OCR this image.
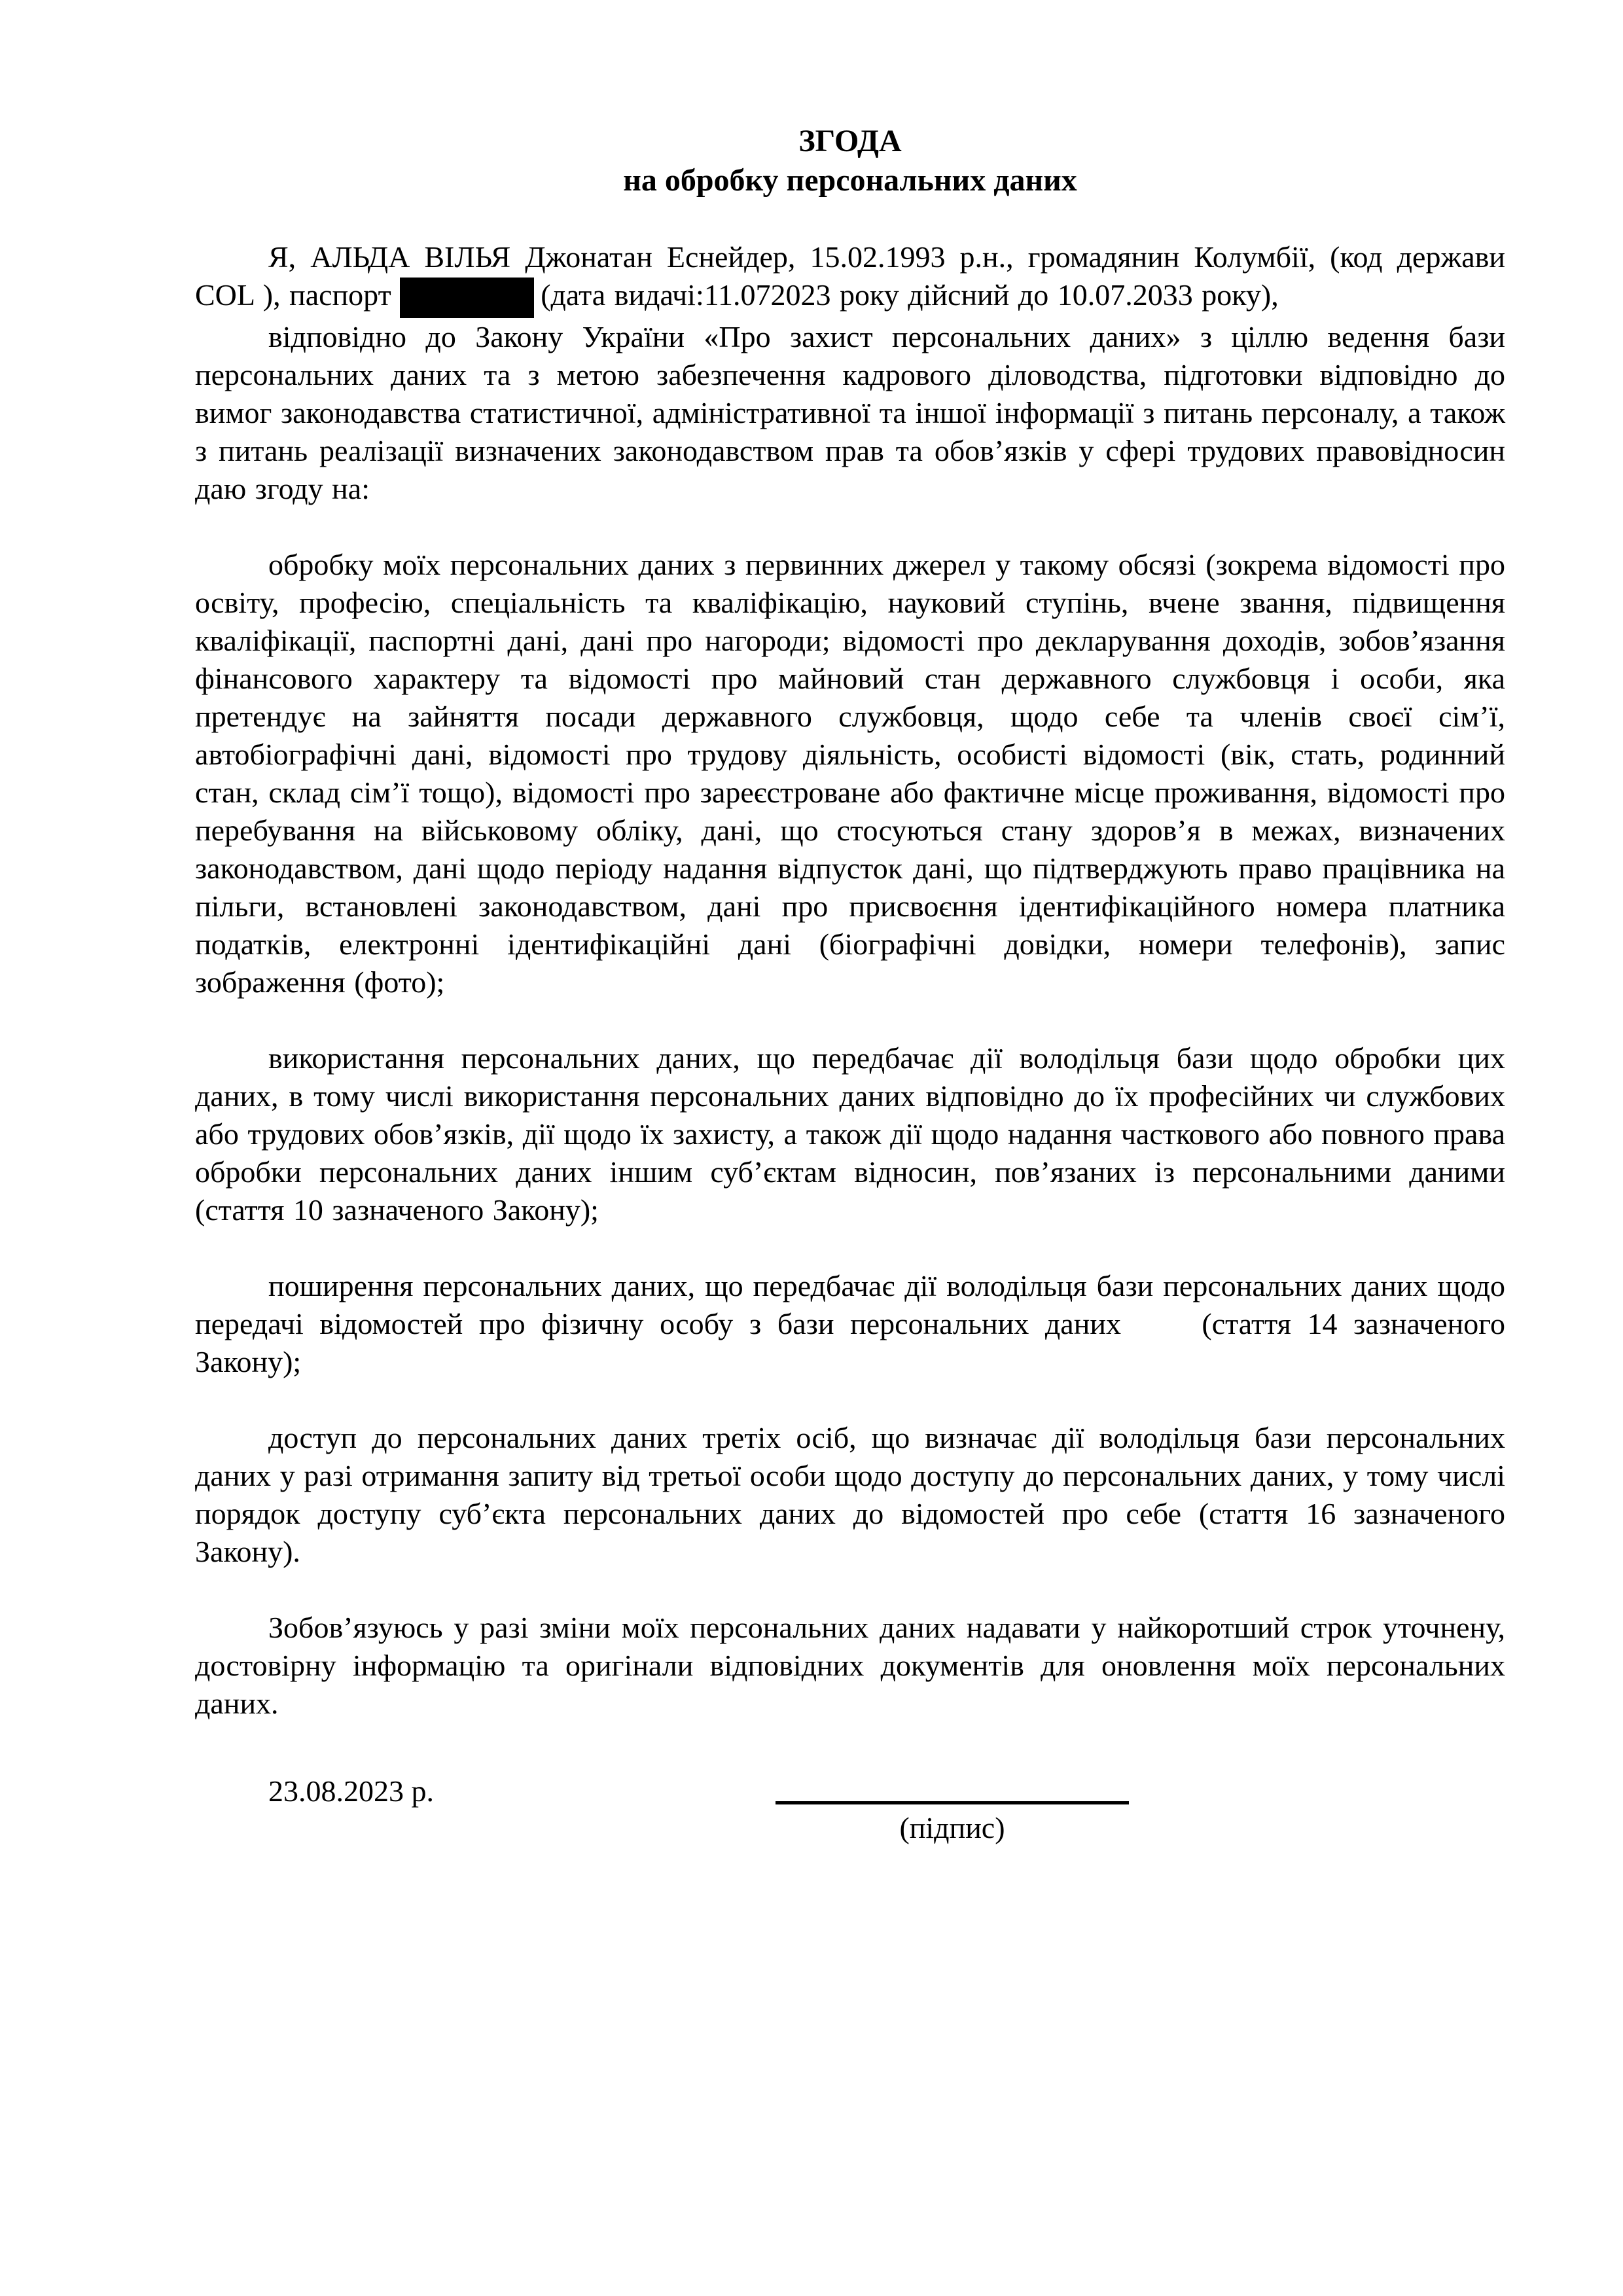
ЗГОДА
на обробку персональних даних

Я, АЛЬДА ВІЛЬЯ Джонатан Еснейдер, 15.02.1993 р.н., громадянин Колумбії, (код держави COL ), паспорт	(дата видачі:11.072023 року дійсний до 10.07.2033 року),

відповідно до Закону України «Про захист персональних даних» з ціллю ведення бази персональних даних та з метою забезпечення кадрового діловодства, підготовки відповідно до вимог законодавства статистичної, адміністративної та іншої інформації з питань персоналу, а також з питань реалізації визначених законодавством прав та обов’язків у сфері трудових правовідносин даю згоду на:

обробку моїх персональних даних з первинних джерел у такому обсязі (зокрема відомості про освіту, професію, спеціальність та кваліфікацію, науковий ступінь, вчене звання, підвищення кваліфікації, паспортні дані, дані про нагороди; відомості про декларування доходів, зобов’язання фінансового характеру та відомості про майновий стан державного службовця і особи, яка претендує на зайняття посади державного службовця, щодо себе та членів своєї сім’ї, автобіографічні дані, відомості про трудову діяльність, особисті відомості (вік, стать, родинний стан, склад сім’ї тощо), відомості про зареєстроване або фактичне місце проживання, відомості про перебування на військовому обліку, дані, що стосуються стану здоров’я в межах, визначених законодавством, дані щодо періоду надання відпусток дані, що підтверджують право працівника на пільги, встановлені законодавством, дані про присвоєння ідентифікаційного номера платника податків, електронні ідентифікаційні дані (біографічні довідки, номери телефонів), запис зображення (фото);

використання персональних даних, що передбачає дії володільця бази щодо обробки цих даних, в тому числі використання персональних даних відповідно до їх професійних чи службових або трудових обов’язків, дії щодо їх захисту, а також дії щодо надання часткового або повного права обробки персональних даних іншим суб’єктам відносин, пов’язаних із персональними даними (стаття 10 зазначеного Закону);

поширення персональних даних, що передбачає дії володільця бази персональних даних щодо передачі відомостей про фізичну особу з бази персональних даних     (стаття 14 зазначеного Закону);

доступ до персональних даних третіх осіб, що визначає дії володільця бази персональних даних у разі отримання запиту від третьої особи щодо доступу до персональних даних, у тому числі порядок доступу суб’єкта персональних даних до відомостей про себе (стаття 16 зазначеного Закону).

Зобов’язуюсь у разі зміни моїх персональних даних надавати у найкоротший строк уточнену, достовірну інформацію та оригінали відповідних документів для оновлення моїх персональних даних.

23.08.2023 р.
(підпис)
